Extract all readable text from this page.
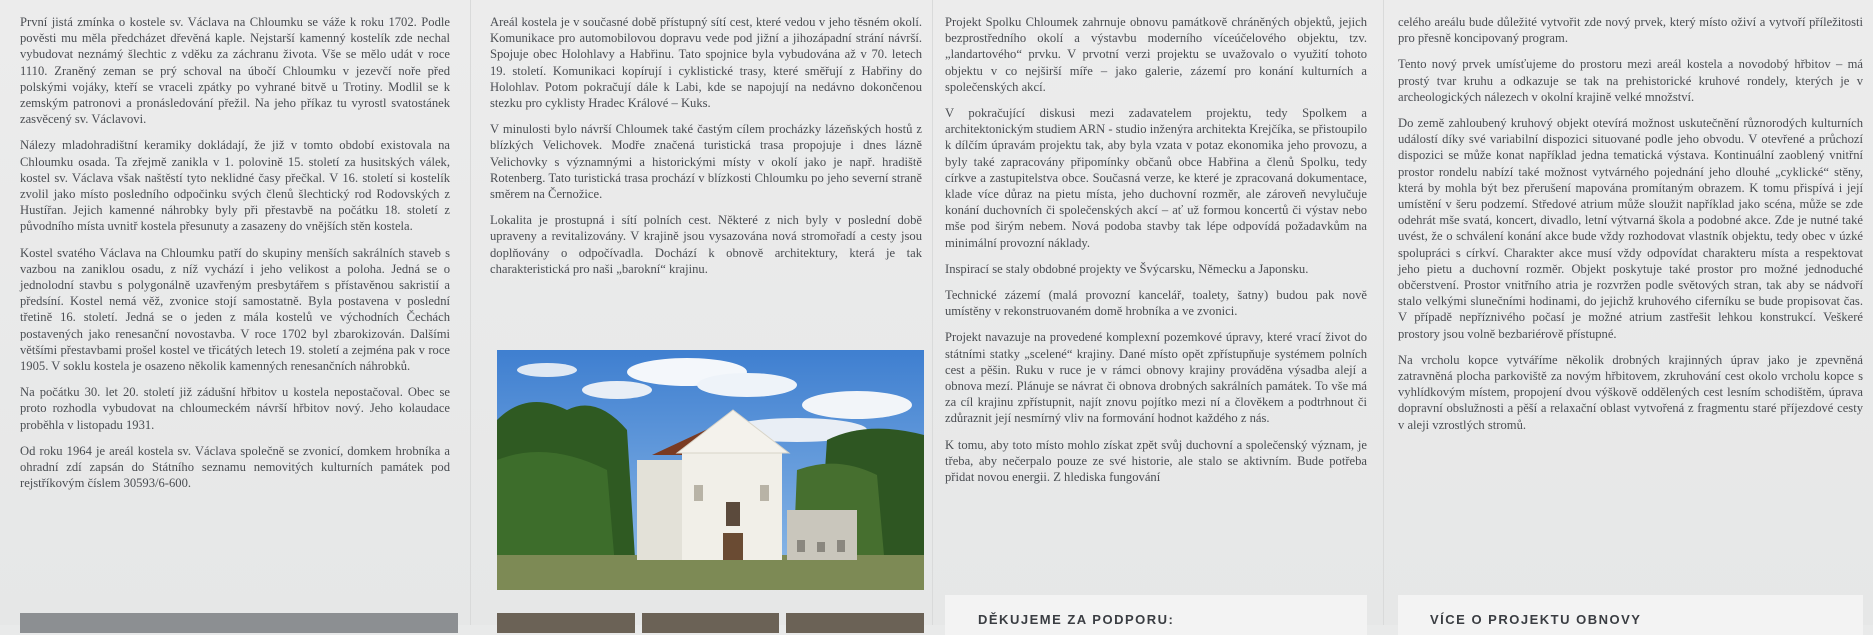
První jistá zmínka o kostele sv. Václava na Chloumku se váže k roku 1702. Podle pověsti mu měla předcházet dřevěná kaple. Nejstarší kamenný kostelík zde nechal vybudovat neznámý šlechtic z vděku za záchranu života. Vše se mělo udát v roce 1110. Zraněný zeman se prý schoval na úbočí Chloumku v jezevčí noře před polskými vojáky, kteří se vraceli zpátky po vyhrané bitvě u Trotiny. Modlil se k zemským patronovi a pronásledování přežil. Na jeho příkaz tu vyrostl svatostánek zasvěcený sv. Václavovi.

Nálezy mladohradištní keramiky dokládají, že již v tomto období existovala na Chloumku osada. Ta zřejmě zanikla v 1. polovině 15. století za husitských válek, kostel sv. Václava však naštěstí tyto neklidné časy přečkal. V 16. století si kostelík zvolil jako místo posledního odpočinku svých členů šlechtický rod Rodovských z Hustířan. Jejich kamenné náhrobky byly při přestavbě na počátku 18. století z původního místa uvnitř kostela přesunuty a zasazeny do vnějších stěn kostela.

Kostel svatého Václava na Chloumku patří do skupiny menších sakrálních staveb s vazbou na zaniklou osadu, z níž vychází i jeho velikost a poloha. Jedná se o jednolodní stavbu s polygonálně uzavřeným presbytářem s přístavěnou sakristií a předsíní. Kostel nemá věž, zvonice stojí samostatně. Byla postavena v poslední třetině 16. století. Jedná se o jeden z mála kostelů ve východních Čechách postavených jako renesanční novostavba. V roce 1702 byl zbarokizován. Dalšími většími přestavbami prošel kostel ve třicátých letech 19. století a zejména pak v roce 1905. V soklu kostela je osazeno několik kamenných renesančních náhrobků.

Na počátku 30. let 20. století již zádušní hřbitov u kostela nepostačoval. Obec se proto rozhodla vybudovat na chloumeckém návrší hřbitov nový. Jeho kolaudace proběhla v listopadu 1931.

Od roku 1964 je areál kostela sv. Václava společně se zvonicí, domkem hrobníka a ohradní zdí zapsán do Státního seznamu nemovitých kulturních památek pod rejstříkovým číslem 30593/6-600.

Areál kostela je v současné době přístupný sítí cest, které vedou v jeho těsném okolí. Komunikace pro automobilovou dopravu vede pod jižní a jihozápadní strání návrší. Spojuje obec Holohlavy a Habřinu. Tato spojnice byla vybudována až v 70. letech 19. století. Komunikaci kopírují i cyklistické trasy, které směřují z Habřiny do Holohlav. Potom pokračují dále k Labi, kde se napojují na nedávno dokončenou stezku pro cyklisty Hradec Králové – Kuks.

V minulosti bylo návrší Chloumek také častým cílem procházky lázeňských hostů z blízkých Velichovek. Modře značená turistická trasa propojuje i dnes lázně Velichovky s významnými a historickými místy v okolí jako je např. hradiště Rotenberg. Tato turistická trasa prochází v blízkosti Chloumku po jeho severní straně směrem na Černožice.

Lokalita je prostupná i sítí polních cest. Některé z nich byly v poslední době upraveny a revitalizovány. V krajině jsou vysazována nová stromořadí a cesty jsou doplňovány o odpočívadla. Dochází k obnově architektury, která je tak charakteristická pro naši „barokní“ krajinu.

Projekt Spolku Chloumek zahrnuje obnovu památkově chráněných objektů, jejich bezprostředního okolí a výstavbu moderního víceúčelového objektu, tzv. „landartového“ prvku. V prvotní verzi projektu se uvažovalo o využití tohoto objektu v co nejširší míře – jako galerie, zázemí pro konání kulturních a společenských akcí.

V pokračující diskusi mezi zadavatelem projektu, tedy Spolkem a architektonickým studiem ARN - studio inženýra architekta Krejčíka, se přistoupilo k dílčím úpravám projektu tak, aby byla vzata v potaz ekonomika jeho provozu, a byly také zapracovány připomínky občanů obce Habřina a členů Spolku, tedy církve a zastupitelstva obce. Současná verze, ke které je zpracovaná dokumentace, klade více důraz na pietu místa, jeho duchovní rozměr, ale zároveň nevylučuje konání duchovních či společenských akcí – ať už formou koncertů či výstav nebo mše pod širým nebem. Nová podoba stavby tak lépe odpovídá požadavkům na minimální provozní náklady.

Inspirací se staly obdobné projekty ve Švýcarsku, Německu a Japonsku.

Technické zázemí (malá provozní kancelář, toalety, šatny) budou pak nově umístěny v rekonstruovaném domě hrobníka a ve zvonici.

Projekt navazuje na provedené komplexní pozemkové úpravy, které vrací život do státními statky „scelené“ krajiny. Dané místo opět zpřístupňuje systémem polních cest a pěšin. Ruku v ruce je v rámci obnovy krajiny prováděna výsadba alejí a obnova mezí. Plánuje se návrat či obnova drobných sakrálních památek. To vše má za cíl krajinu zpřístupnit, najít znovu pojítko mezi ní a člověkem a podtrhnout či zdůraznit její nesmírný vliv na formování hodnot každého z nás.

K tomu, aby toto místo mohlo získat zpět svůj duchovní a společenský význam, je třeba, aby nečerpalo pouze ze své historie, ale stalo se aktivním. Bude potřeba přidat novou energii. Z hlediska fungování

DĚKUJEME ZA PODPORU:

celého areálu bude důležité vytvořit zde nový prvek, který místo oživí a vytvoří příležitosti pro přesně koncipovaný program.

Tento nový prvek umísťujeme do prostoru mezi areál kostela a novodobý hřbitov – má prostý tvar kruhu a odkazuje se tak na prehistorické kruhové rondely, kterých je v archeologických nálezech v okolní krajině velké množství.

Do země zahloubený kruhový objekt otevírá možnost uskutečnění různorodých kulturních událostí díky své variabilní dispozici situované podle jeho obvodu. V otevřené a průchozí dispozici se může konat například jedna tematická výstava. Kontinuální zaoblený vnitřní prostor rondelu nabízí také možnost vytvárného pojednání jeho dlouhé „cyklické“ stěny, která by mohla být bez přerušení mapována promítaným obrazem. K tomu přispívá i její umístění v šeru podzemí. Středové atrium může sloužit například jako scéna, může se zde odehrát mše svatá, koncert, divadlo, letní výtvarná škola a podobné akce. Zde je nutné také uvést, že o schválení konání akce bude vždy rozhodovat vlastník objektu, tedy obec v úzké spolupráci s církví. Charakter akce musí vždy odpovídat charakteru místa a respektovat jeho pietu a duchovní rozměr. Objekt poskytuje také prostor pro možné jednoduché občerstvení. Prostor vnitřního atria je rozvržen podle světových stran, tak aby se nádvoří stalo velkými slunečními hodinami, do jejichž kruhového ciferníku se bude propisovat čas. V případě nepříznivého počasí je možné atrium zastřešit lehkou konstrukcí. Veškeré prostory jsou volně bezbariérově přístupné.

Na vrcholu kopce vytváříme několik drobných krajinných úprav jako je zpevněná zatravněná plocha parkoviště za novým hřbitovem, zkruhování cest okolo vrcholu kopce s vyhlídkovým místem, propojení dvou výškově oddělených cest lesním schodištěm, úprava dopravní obslužnosti a pěší a relaxační oblast vytvořená z fragmentu staré příjezdové cesty v aleji vzrostlých stromů.

VÍCE O PROJEKTU OBNOVY
